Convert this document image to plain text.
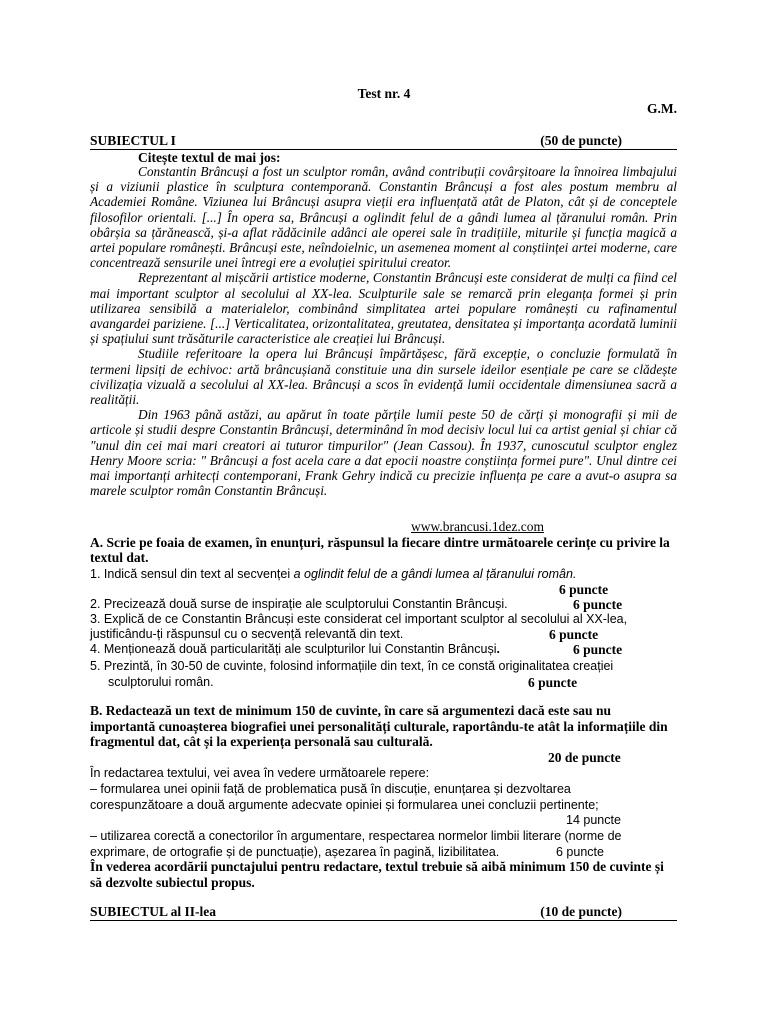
Test nr. 4
G.M.
SUBIECTUL I	(50 de puncte)
Citește textul de mai jos:

Constantin Brâncuși a fost un sculptor român, având contribuții covârșitoare la înnoirea limbajului și a viziunii plastice în sculptura contemporană. Constantin Brâncuși a fost ales postum membru al Academiei Române. Viziunea lui Brâncuși asupra vieții era influențată atât de Platon, cât și de conceptele filosofilor orientali. [...] În opera sa, Brâncuși a oglindit felul de a gândi lumea al țăranului român. Prin obârșia sa țărănească, și-a aflat rădăcinile adânci ale operei sale în tradițiile, miturile și funcția magică a artei populare românești. Brâncuși este, neîndoielnic, un asemenea moment al conștiinței artei moderne, care concentrează sensurile unei întregi ere a evoluției spiritului creator.

Reprezentant al mișcării artistice moderne, Constantin Brâncuși este considerat de mulți ca fiind cel mai important sculptor al secolului al XX-lea. Sculpturile sale se remarcă prin eleganța formei și prin utilizarea sensibilă a materialelor, combinând simplitatea artei populare românești cu rafinamentul avangardei pariziene. [...] Verticalitatea, orizontalitatea, greutatea, densitatea și importanța acordată luminii și spațiului sunt trăsăturile caracteristice ale creației lui Brâncuși.

Studiile referitoare la opera lui Brâncuși împărtășesc, fără excepție, o concluzie formulată în termeni lipsiți de echivoc: artă brâncușiană constituie una din sursele ideilor esențiale pe care se clădește civilizația vizuală a secolului al XX-lea. Brâncuși a scos în evidență lumii occidentale dimensiunea sacră a realității.

Din 1963 până astăzi, au apărut în toate părțile lumii peste 50 de cărți și monografii și mii de articole și studii despre Constantin Brâncuși, determinând în mod decisiv locul lui ca artist genial și chiar că "unul din cei mai mari creatori ai tuturor timpurilor" (Jean Cassou). În 1937, cunoscutul sculptor englez Henry Moore scria: " Brâncuși a fost acela care a dat epocii noastre conștiința formei pure". Unul dintre cei mai importanți arhitecți contemporani, Frank Gehry indică cu precizie influența pe care a avut-o asupra sa marele sculptor român Constantin Brâncuși.

www.brancusi.1dez.com
A. Scrie pe foaia de examen, în enunțuri, răspunsul la fiecare dintre următoarele cerințe cu privire la textul dat.
1. Indică sensul din text al secvenței a oglindit felul de a gândi lumea al țăranului român.
6 puncte
2. Precizează două surse de inspirație ale sculptorului Constantin Brâncuși.	6 puncte
3. Explică de ce Constantin Brâncuși este considerat cel important sculptor al secolului al XX-lea,
justificându-ți răspunsul cu o secvență relevantă din text.	6 puncte
4. Menționează două particularități ale sculpturilor lui Constantin Brâncuși.	6 puncte
5. Prezintă, în 30-50 de cuvinte, folosind informațiile din text, în ce constă originalitatea creației
sculptorului român.	6 puncte
B. Redactează un text de minimum 150 de cuvinte, în care să argumentezi dacă este sau nu importantă cunoașterea biografiei unei personalități culturale, raportându-te atât la informațiile din fragmentul dat, cât și la experiența personală sau culturală.
20 de puncte
În redactarea textului, vei avea în vedere următoarele repere:
– formularea unei opinii față de problematica pusă în discuție, enunțarea și dezvoltarea
corespunzătoare a două argumente adecvate opiniei și formularea unei concluzii pertinente;
14 puncte
– utilizarea corectă a conectorilor în argumentare, respectarea normelor limbii literare (norme de
exprimare, de ortografie și de punctuație), așezarea în pagină, lizibilitatea.	6 puncte
În vederea acordării punctajului pentru redactare, textul trebuie să aibă minimum 150 de cuvinte și să dezvolte subiectul propus.
SUBIECTUL al II-lea	(10 de puncte)
